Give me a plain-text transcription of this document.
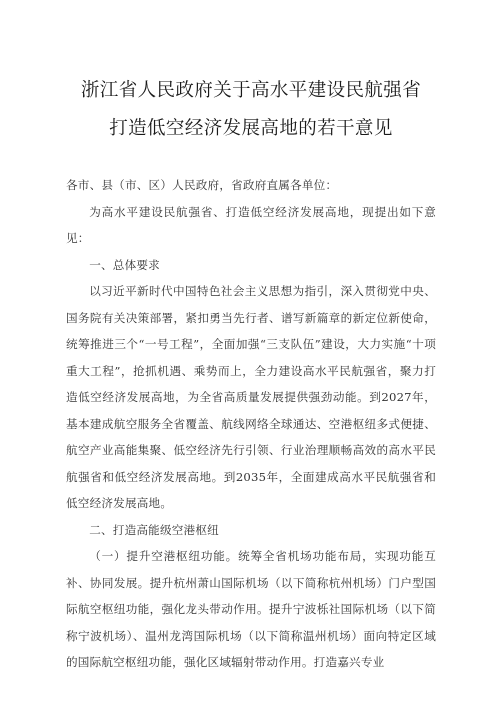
浙江省人民政府关于高水平建设民航强省

打造低空经济发展高地的若干意见

各市、县（市、区）人民政府，省政府直属各单位：

为高水平建设民航强省、打造低空经济发展高地，现提出如下意见：

一、总体要求

以习近平新时代中国特色社会主义思想为指引，深入贯彻党中央、国务院有关决策部署，紧扣勇当先行者、谱写新篇章的新定位新使命，统筹推进三个“一号工程”，全面加强“三支队伍”建设，大力实施“十项重大工程”，抢抓机遇、乘势而上，全力建设高水平民航强省，聚力打造低空经济发展高地，为全省高质量发展提供强劲动能。到2027年，基本建成航空服务全省覆盖、航线网络全球通达、空港枢纽多式便捷、航空产业高能集聚、低空经济先行引领、行业治理顺畅高效的高水平民航强省和低空经济发展高地。到2035年，全面建成高水平民航强省和低空经济发展高地。

二、打造高能级空港枢纽

（一）提升空港枢纽功能。统筹全省机场功能布局，实现功能互补、协同发展。提升杭州萧山国际机场（以下简称杭州机场）门户型国际航空枢纽功能，强化龙头带动作用。提升宁波栎社国际机场（以下简称宁波机场）、温州龙湾国际机场（以下简称温州机场）面向特定区域的国际航空枢纽功能，强化区域辐射带动作用。打造嘉兴专业
